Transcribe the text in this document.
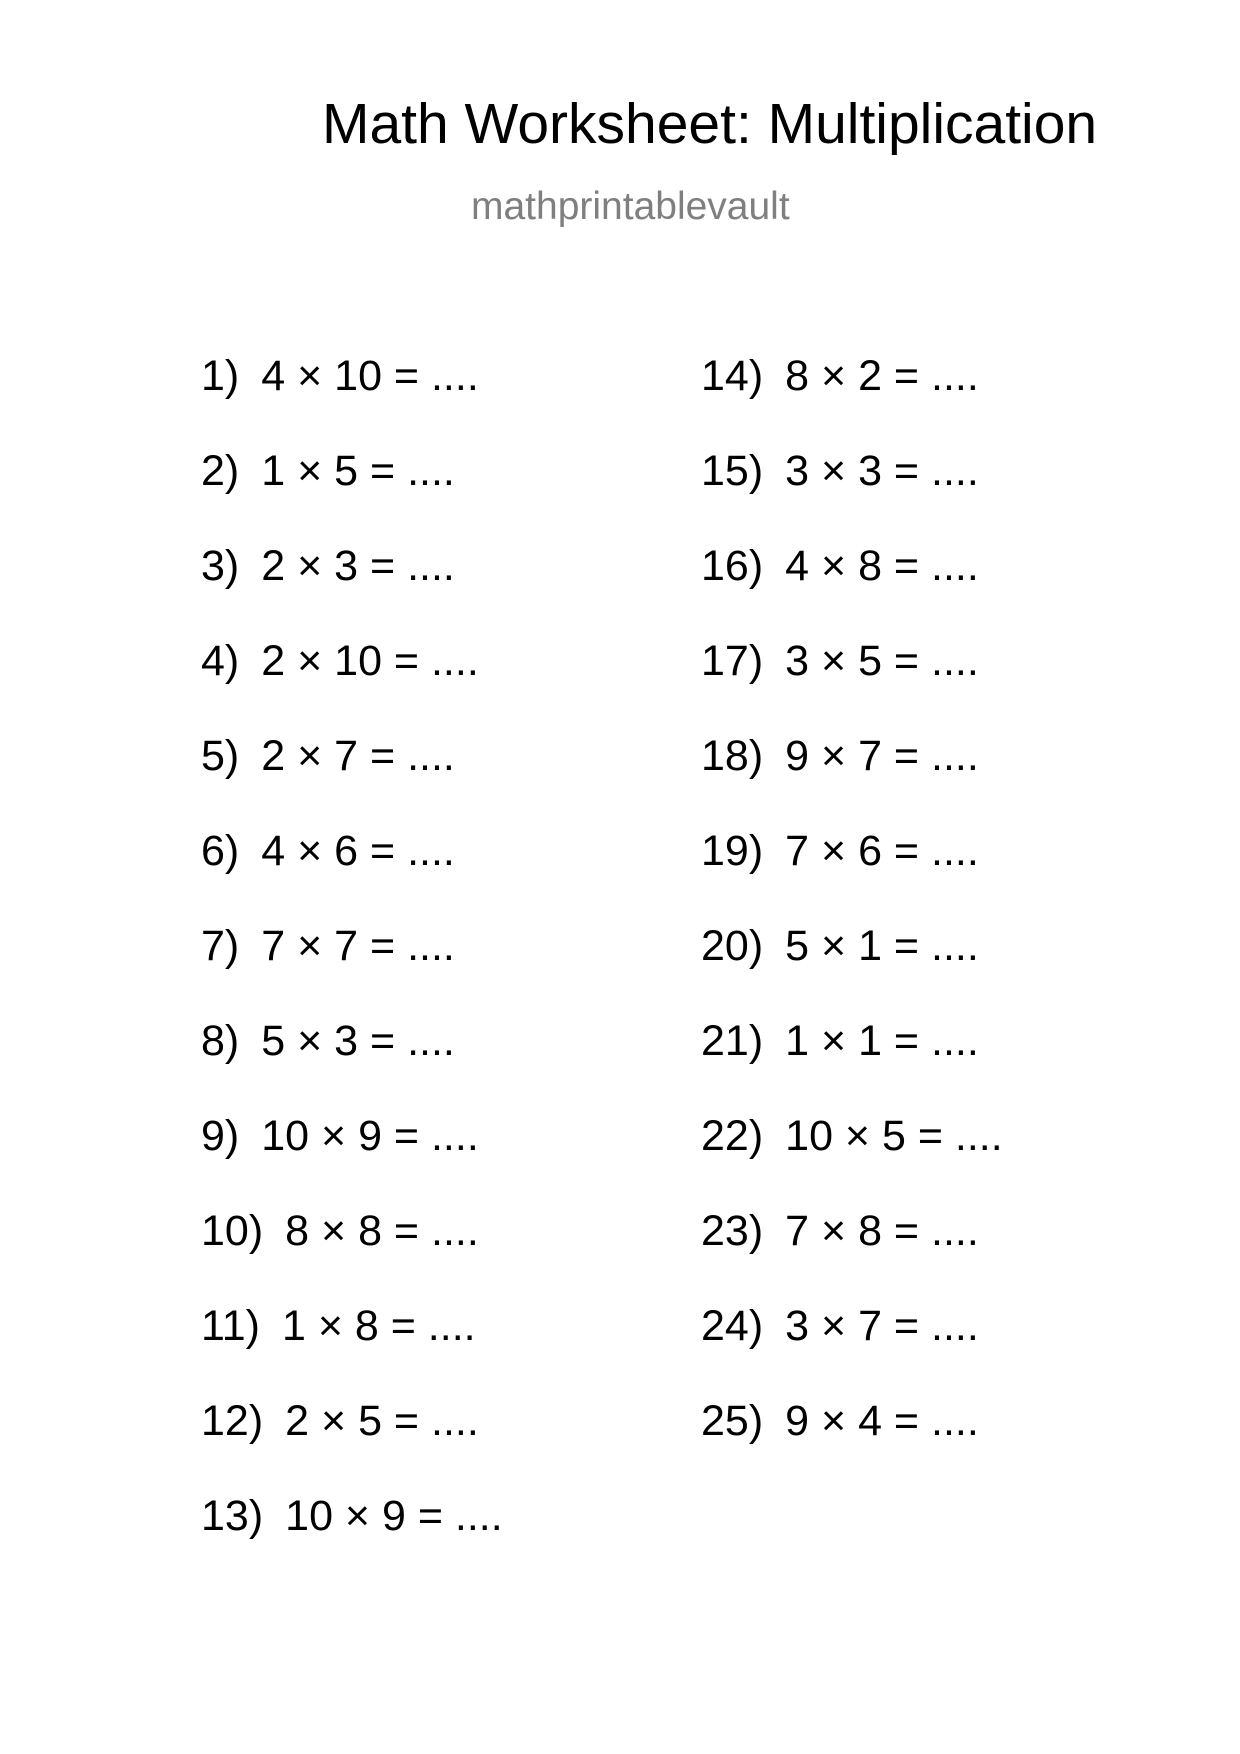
Math Worksheet: Multiplication
mathprintablevault
1) 4 × 10 = ....
2) 1 × 5 = ....
3) 2 × 3 = ....
4) 2 × 10 = ....
5) 2 × 7 = ....
6) 4 × 6 = ....
7) 7 × 7 = ....
8) 5 × 3 = ....
9) 10 × 9 = ....
10) 8 × 8 = ....
11) 1 × 8 = ....
12) 2 × 5 = ....
13) 10 × 9 = ....
14) 8 × 2 = ....
15) 3 × 3 = ....
16) 4 × 8 = ....
17) 3 × 5 = ....
18) 9 × 7 = ....
19) 7 × 6 = ....
20) 5 × 1 = ....
21) 1 × 1 = ....
22) 10 × 5 = ....
23) 7 × 8 = ....
24) 3 × 7 = ....
25) 9 × 4 = ....
